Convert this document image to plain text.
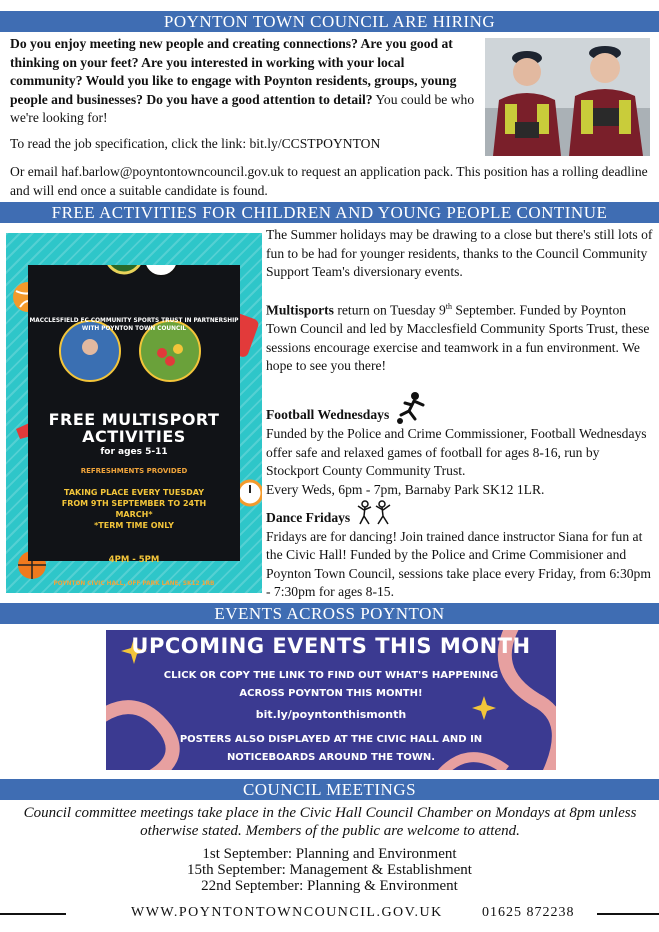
POYNTON TOWN COUNCIL ARE HIRING

Do you enjoy meeting new people and creating connections? Are you good at thinking on your feet? Are you interested in working with your local community? Would you like to engage with Poynton residents, groups, young people and businesses? Do you have a good attention to detail? You could be who we're looking for!

To read the job specification, click the link: bit.ly/CCSTPOYNTON

Or email haf.barlow@poyntontowncouncil.gov.uk to request an application pack. This position has a rolling deadline and will end once a suitable candidate is found.

FREE ACTIVITIES FOR CHILDREN AND YOUNG PEOPLE CONTINUE
MACCLESFIELD FC COMMUNITY SPORTS TRUST IN PARTNERSHIP WITH POYNTON TOWN COUNCIL
FREE MULTISPORT
ACTIVITIES
for ages 5-11
REFRESHMENTS PROVIDED
TAKING PLACE EVERY TUESDAY
FROM 9TH SEPTEMBER TO 24TH
MARCH*
*TERM TIME ONLY
4PM - 5PM
POYNTON CIVIC HALL, OFF PARK LANE, SK12 1RB

The Summer holidays may be drawing to a close but there's still lots of fun to be had for younger residents, thanks to the Council Community Support Team's diversionary events.

Multisports return on Tuesday 9th September. Funded by Poynton Town Council and led by Macclesfield Community Sports Trust, these sessions encourage exercise and teamwork in a fun environment. We hope to see you there!

Football Wednesdays
Funded by the Police and Crime Commissioner, Football Wednesdays offer safe and relaxed games of football for ages 8-16, run by Stockport County Community Trust.
Every Weds, 6pm - 7pm, Barnaby Park SK12 1LR.
Dance Fridays
Fridays are for dancing! Join trained dance instructor Siana for fun at the Civic Hall! Funded by the Police and Crime Commisioner and Poynton Town Council, sessions take place every Friday, from 6:30pm - 7:30pm for ages 8-15.
EVENTS ACROSS POYNTON
UPCOMING EVENTS THIS MONTH
CLICK OR COPY THE LINK TO FIND OUT WHAT'S HAPPENING
ACROSS POYNTON THIS MONTH!
bit.ly/poyntonthismonth
POSTERS ALSO DISPLAYED AT THE CIVIC HALL AND IN
NOTICEBOARDS AROUND THE TOWN.
COUNCIL MEETINGS

Council committee meetings take place in the Civic Hall Council Chamber on Mondays at 8pm unless otherwise stated. Members of the public are welcome to attend.

1st September: Planning and Environment

15th September: Management & Establishment

22nd September: Planning & Environment

WWW.POYNTONTOWNCOUNCIL.GOV.UK	01625 872238
